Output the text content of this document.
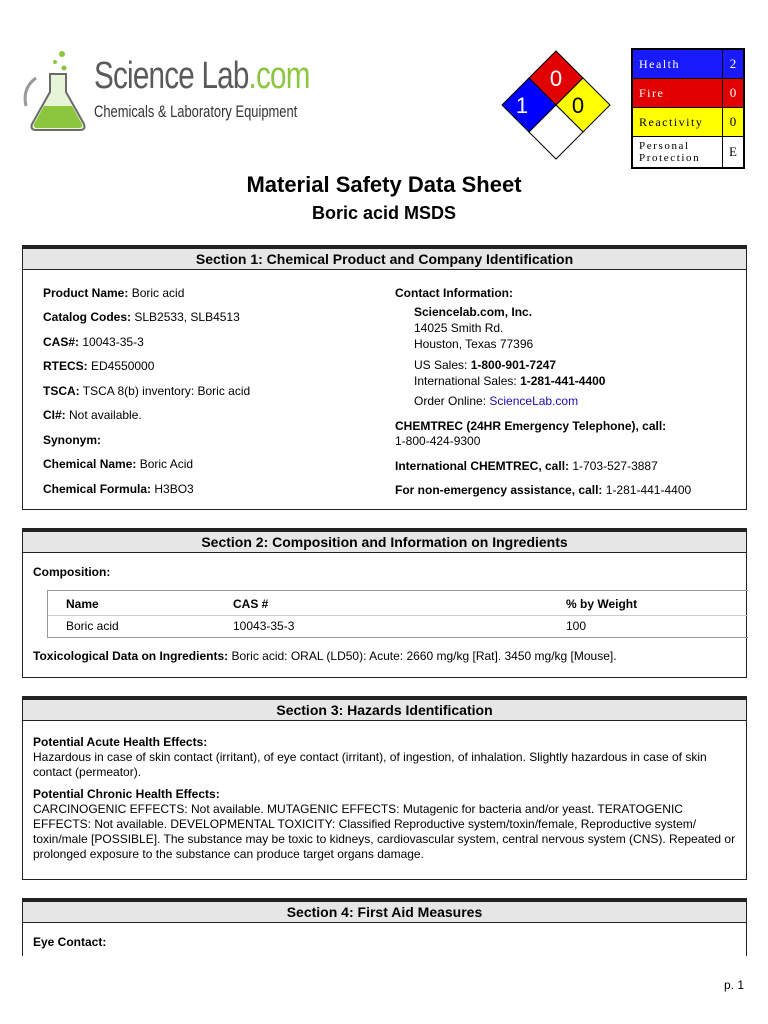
Science Lab.com
Chemicals & Laboratory Equipment
0
1 0
Health	2
Fire	0
Reactivity	0
Personal
Protection	E
Material Safety Data Sheet
Boric acid MSDS
Section 1: Chemical Product and Company Identification
Product Name: Boric acid
Catalog Codes: SLB2533, SLB4513
CAS#: 10043-35-3
RTECS: ED4550000
TSCA: TSCA 8(b) inventory: Boric acid
CI#: Not available.
Synonym:
Chemical Name: Boric Acid
Chemical Formula: H3BO3
Contact Information:
Sciencelab.com, Inc.
14025 Smith Rd.
Houston, Texas 77396
US Sales: 1-800-901-7247
International Sales: 1-281-441-4400
Order Online: ScienceLab.com
CHEMTREC (24HR Emergency Telephone), call:
1-800-424-9300
International CHEMTREC, call: 1-703-527-3887
For non-emergency assistance, call: 1-281-441-4400
Section 2: Composition and Information on Ingredients
Composition:
Name	CAS #	% by Weight
Boric acid	10043-35-3	100
Toxicological Data on Ingredients: Boric acid: ORAL (LD50): Acute: 2660 mg/kg [Rat]. 3450 mg/kg [Mouse].
Section 3: Hazards Identification
Potential Acute Health Effects:
Hazardous in case of skin contact (irritant), of eye contact (irritant), of ingestion, of inhalation. Slightly hazardous in case of skin contact (permeator).
Potential Chronic Health Effects:
CARCINOGENIC EFFECTS: Not available. MUTAGENIC EFFECTS: Mutagenic for bacteria and/or yeast. TERATOGENIC EFFECTS: Not available. DEVELOPMENTAL TOXICITY: Classified Reproductive system/toxin/female, Reproductive system/ toxin/male [POSSIBLE]. The substance may be toxic to kidneys, cardiovascular system, central nervous system (CNS). Repeated or prolonged exposure to the substance can produce target organs damage.
Section 4: First Aid Measures
Eye Contact:
p. 1
